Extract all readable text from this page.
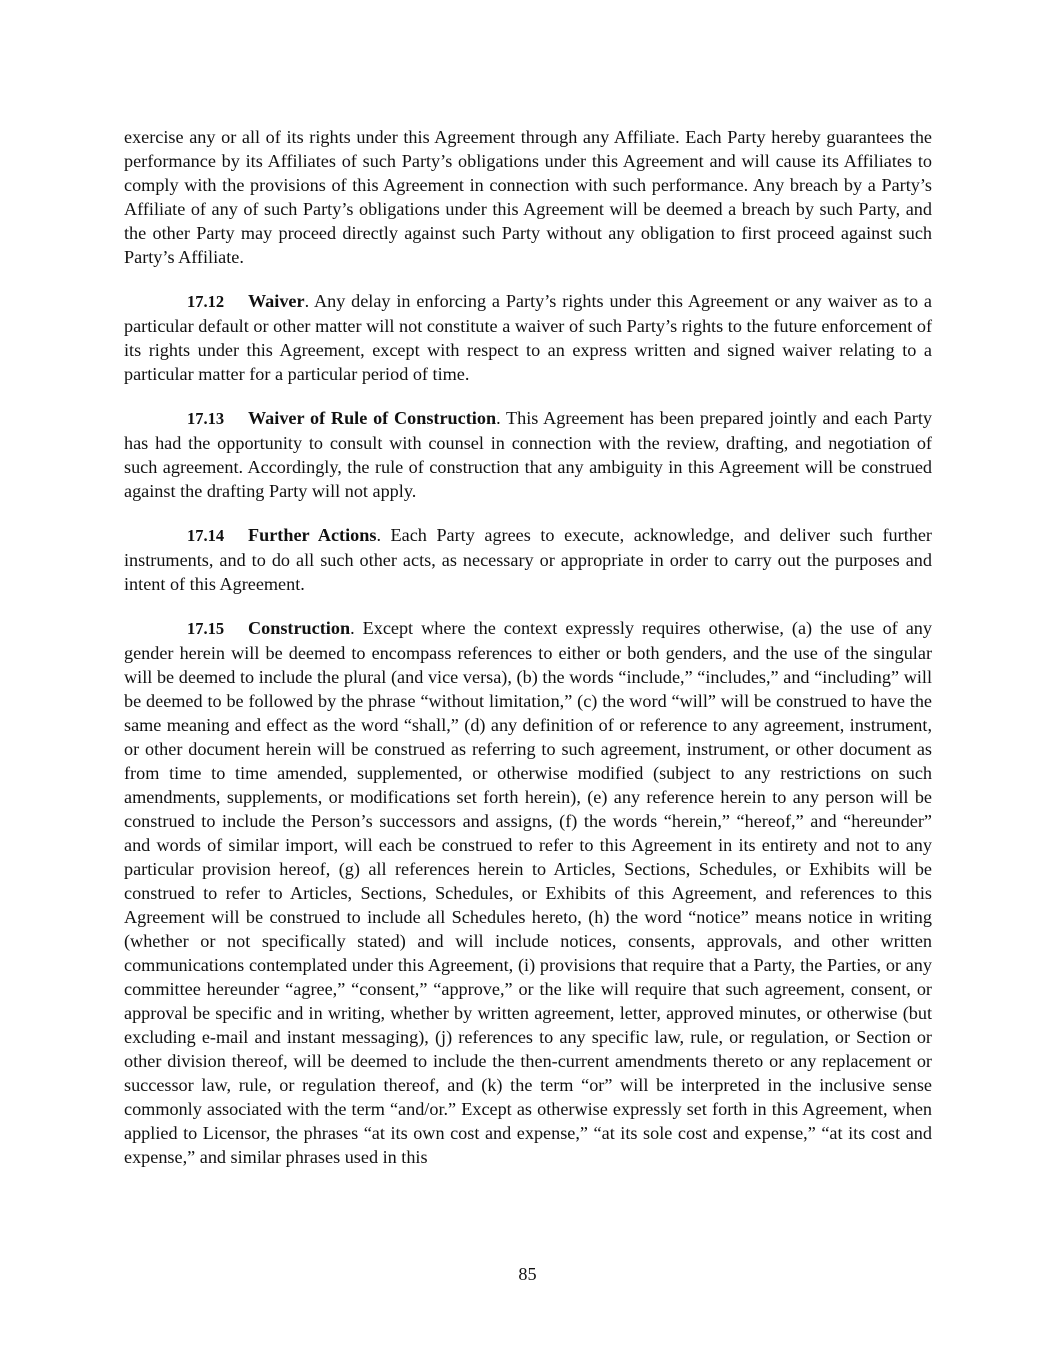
exercise any or all of its rights under this Agreement through any Affiliate. Each Party hereby guarantees the performance by its Affiliates of such Party’s obligations under this Agreement and will cause its Affiliates to comply with the provisions of this Agreement in connection with such performance. Any breach by a Party’s Affiliate of any of such Party’s obligations under this Agreement will be deemed a breach by such Party, and the other Party may proceed directly against such Party without any obligation to first proceed against such Party’s Affiliate.

17.12 Waiver. Any delay in enforcing a Party’s rights under this Agreement or any waiver as to a particular default or other matter will not constitute a waiver of such Party’s rights to the future enforcement of its rights under this Agreement, except with respect to an express written and signed waiver relating to a particular matter for a particular period of time.

17.13 Waiver of Rule of Construction. This Agreement has been prepared jointly and each Party has had the opportunity to consult with counsel in connection with the review, drafting, and negotiation of such agreement. Accordingly, the rule of construction that any ambiguity in this Agreement will be construed against the drafting Party will not apply.

17.14 Further Actions. Each Party agrees to execute, acknowledge, and deliver such further instruments, and to do all such other acts, as necessary or appropriate in order to carry out the purposes and intent of this Agreement.

17.15 Construction. Except where the context expressly requires otherwise, (a) the use of any gender herein will be deemed to encompass references to either or both genders, and the use of the singular will be deemed to include the plural (and vice versa), (b) the words “include,” “includes,” and “including” will be deemed to be followed by the phrase “without limitation,” (c) the word “will” will be construed to have the same meaning and effect as the word “shall,” (d) any definition of or reference to any agreement, instrument, or other document herein will be construed as referring to such agreement, instrument, or other document as from time to time amended, supplemented, or otherwise modified (subject to any restrictions on such amendments, supplements, or modifications set forth herein), (e) any reference herein to any person will be construed to include the Person’s successors and assigns, (f) the words “herein,” “hereof,” and “hereunder” and words of similar import, will each be construed to refer to this Agreement in its entirety and not to any particular provision hereof, (g) all references herein to Articles, Sections, Schedules, or Exhibits will be construed to refer to Articles, Sections, Schedules, or Exhibits of this Agreement, and references to this Agreement will be construed to include all Schedules hereto, (h) the word “notice” means notice in writing (whether or not specifically stated) and will include notices, consents, approvals, and other written communications contemplated under this Agreement, (i) provisions that require that a Party, the Parties, or any committee hereunder “agree,” “consent,” “approve,” or the like will require that such agreement, consent, or approval be specific and in writing, whether by written agreement, letter, approved minutes, or otherwise (but excluding e-mail and instant messaging), (j) references to any specific law, rule, or regulation, or Section or other division thereof, will be deemed to include the then-current amendments thereto or any replacement or successor law, rule, or regulation thereof, and (k) the term “or” will be interpreted in the inclusive sense commonly associated with the term “and/or.” Except as otherwise expressly set forth in this Agreement, when applied to Licensor, the phrases “at its own cost and expense,” “at its sole cost and expense,” “at its cost and expense,” and similar phrases used in this

85
